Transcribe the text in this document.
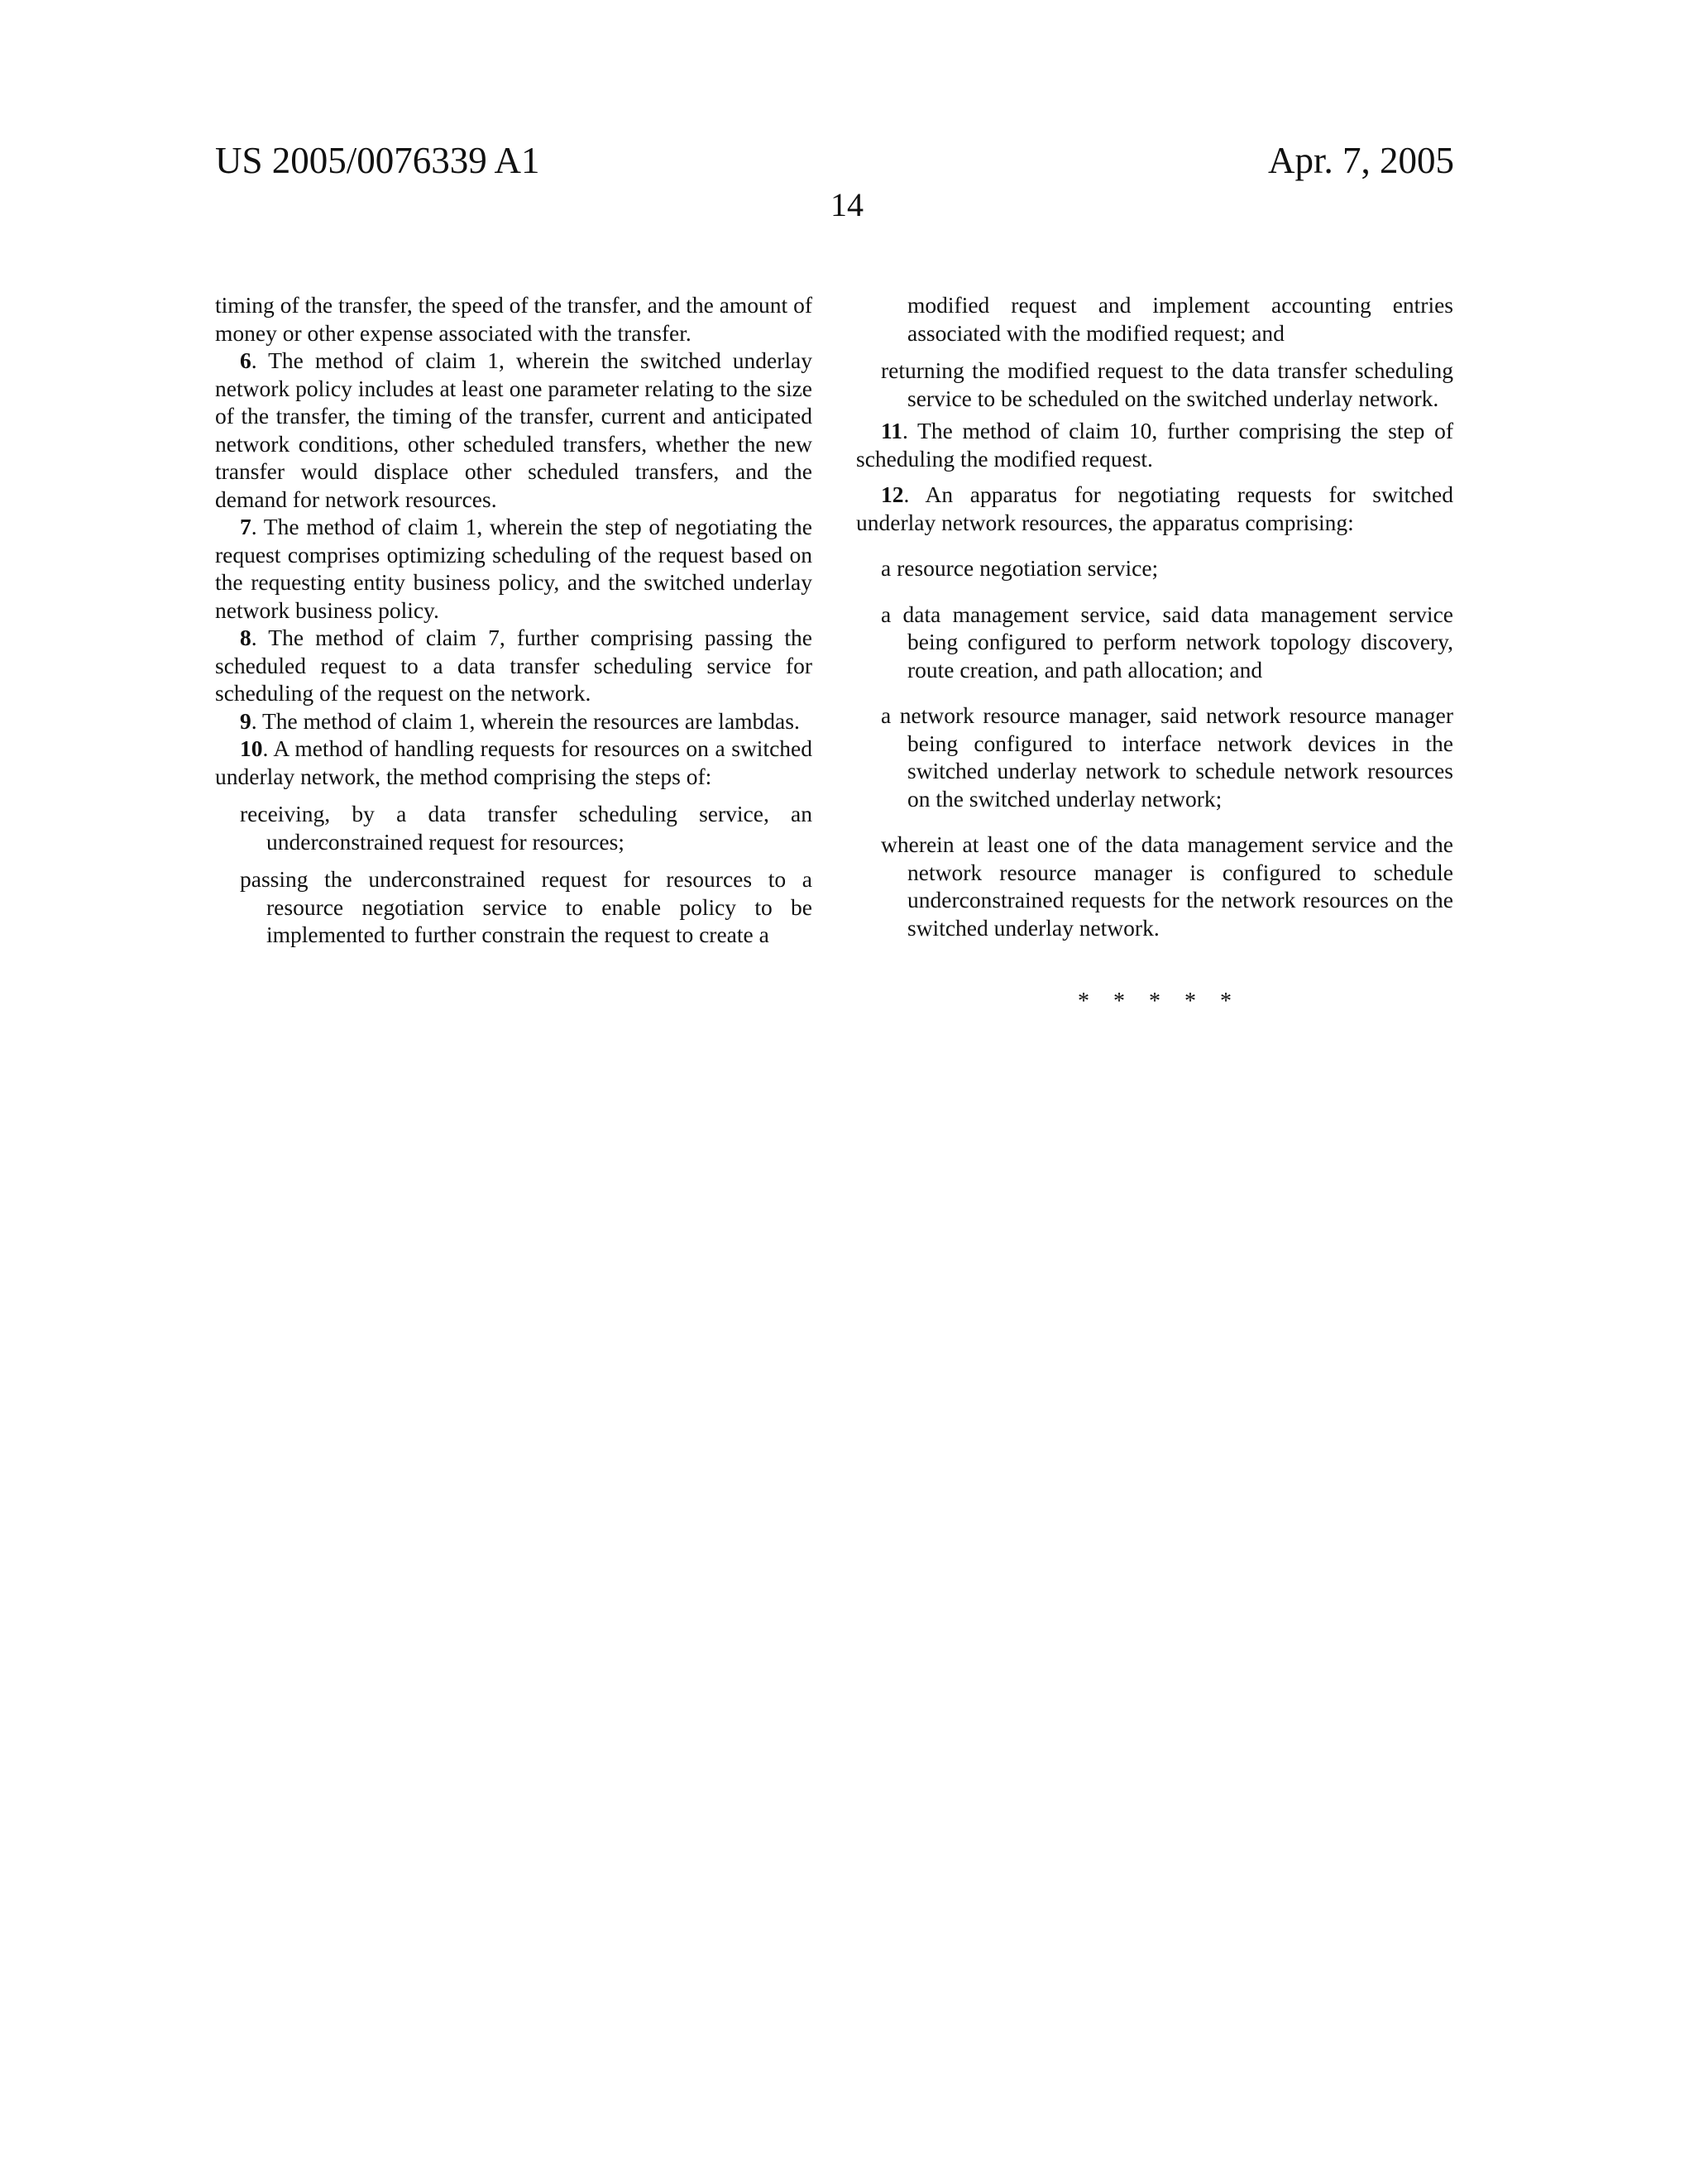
US 2005/0076339 A1	Apr. 7, 2005
14

timing of the transfer, the speed of the transfer, and the amount of money or other expense associated with the transfer.

6. The method of claim 1, wherein the switched underlay network policy includes at least one parameter relating to the size of the transfer, the timing of the transfer, current and anticipated network conditions, other scheduled transfers, whether the new transfer would displace other scheduled transfers, and the demand for network resources.

7. The method of claim 1, wherein the step of negotiating the request comprises optimizing scheduling of the request based on the requesting entity business policy, and the switched underlay network business policy.

8. The method of claim 7, further comprising passing the scheduled request to a data transfer scheduling service for scheduling of the request on the network.

9. The method of claim 1, wherein the resources are lambdas.

10. A method of handling requests for resources on a switched underlay network, the method comprising the steps of:

receiving, by a data transfer scheduling service, an underconstrained request for resources;

passing the underconstrained request for resources to a resource negotiation service to enable policy to be implemented to further constrain the request to create a

modified request and implement accounting entries associated with the modified request; and

returning the modified request to the data transfer scheduling service to be scheduled on the switched underlay network.

11. The method of claim 10, further comprising the step of scheduling the modified request.

12. An apparatus for negotiating requests for switched underlay network resources, the apparatus comprising:

a resource negotiation service;

a data management service, said data management service being configured to perform network topology discovery, route creation, and path allocation; and

a network resource manager, said network resource manager being configured to interface network devices in the switched underlay network to schedule network resources on the switched underlay network;

wherein at least one of the data management service and the network resource manager is configured to schedule underconstrained requests for the network resources on the switched underlay network.

* * * * *
